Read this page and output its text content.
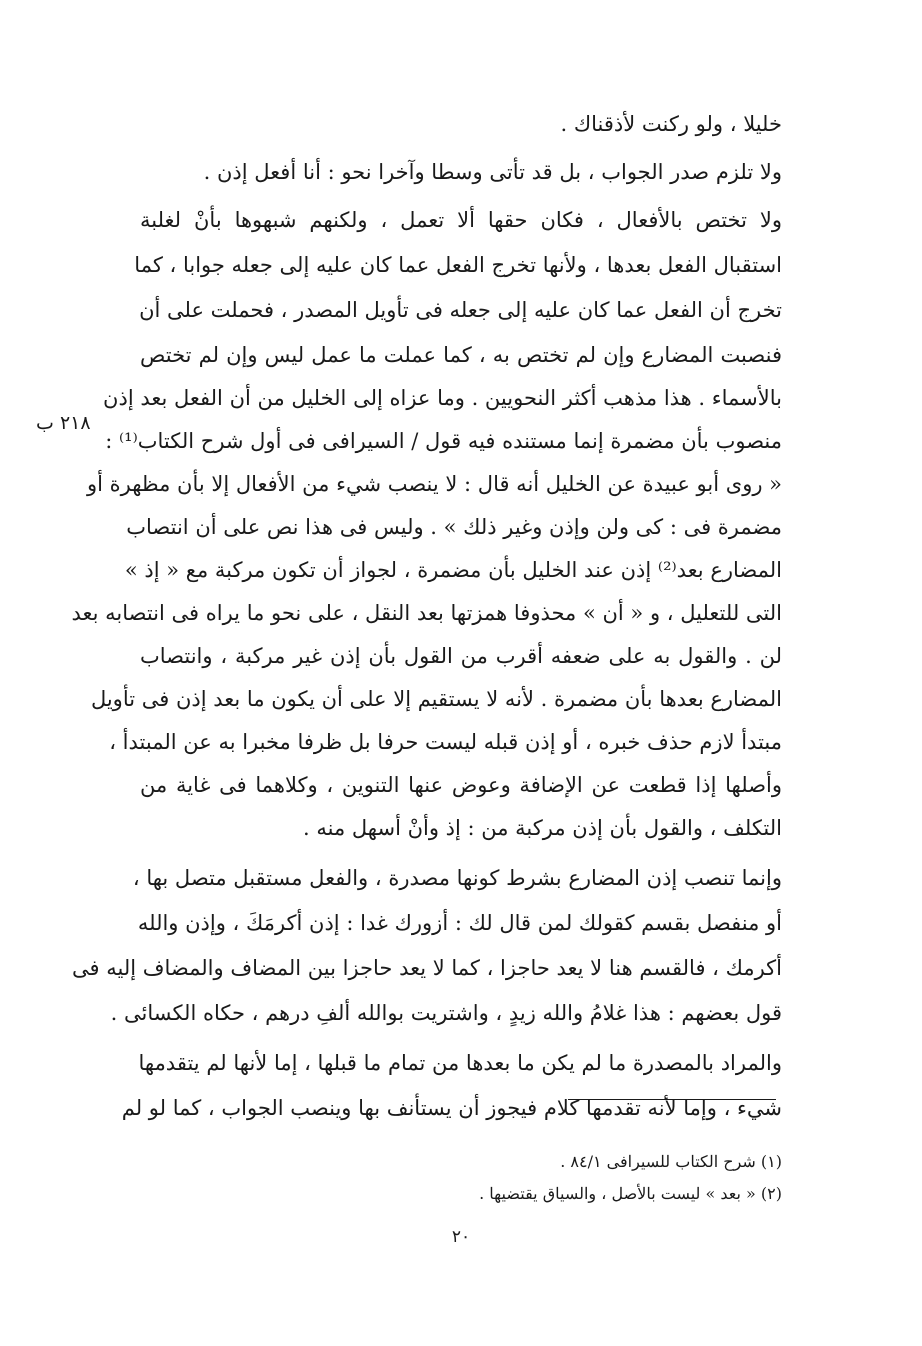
خليلا ، ولو ركنت لأذقناك .
ولا تلزم صدر الجواب ، بل قد تأتى وسطا وآخرا نحو : أنا أفعل إذن .
ولا تختص بالأفعال ، فكان حقها ألا تعمل ، ولكنهم شبهوها بأنْ لغلبة
استقبال الفعل بعدها ، ولأنها تخرج الفعل عما كان عليه إلى جعله جوابا ، كما
تخرج أن الفعل عما كان عليه إلى جعله فى تأويل المصدر ، فحملت على أن
فنصبت المضارع وإن لم تختص به ، كما عملت ما عمل ليس وإن لم تختص
بالأسماء . هذا مذهب أكثر النحويين . وما عزاه إلى الخليل من أن الفعل بعد إذن
منصوب بأن مضمرة إنما مستنده فيه قول / السيرافى فى أول شرح الكتاب⁽¹⁾ :
« روى أبو عبيدة عن الخليل أنه قال : لا ينصب شيء من الأفعال إلا بأن مظهرة أو
مضمرة فى : كى ولن وإذن وغير ذلك » . وليس فى هذا نص على أن انتصاب
المضارع بعد⁽²⁾ إذن عند الخليل بأن مضمرة ، لجواز أن تكون مركبة مع « إذ »
التى للتعليل ، و « أن » محذوفا همزتها بعد النقل ، على نحو ما يراه فى انتصابه بعد
لن . والقول به على ضعفه أقرب من القول بأن إذن غير مركبة ، وانتصاب
المضارع بعدها بأن مضمرة . لأنه لا يستقيم إلا على أن يكون ما بعد إذن فى تأويل
مبتدأ لازم حذف خبره ، أو إذن قبله ليست حرفا بل ظرفا مخبرا به عن المبتدأ ،
وأصلها إذا قطعت عن الإضافة وعوض عنها التنوين ، وكلاهما فى غاية من
التكلف ، والقول بأن إذن مركبة من : إذ وأنْ أسهل منه .
وإنما تنصب إذن المضارع بشرط كونها مصدرة ، والفعل مستقبل متصل بها ،
أو منفصل بقسم كقولك لمن قال لك : أزورك غدا : إذن أكرمَكَ ، وإذن والله
أكرمك ، فالقسم هنا لا يعد حاجزا ، كما لا يعد حاجزا بين المضاف والمضاف إليه فى
قول بعضهم : هذا غلامُ والله زيدٍ ، واشتريت بوالله ألفِ درهم ، حكاه الكسائى .
والمراد بالمصدرة ما لم يكن ما بعدها من تمام ما قبلها ، إما لأنها لم يتقدمها
شيء ، وإما لأنه تقدمها كلام فيجوز أن يستأنف بها وينصب الجواب ، كما لو لم
٢١٨ ب
(١) شرح الكتاب للسيرافى ٨٤/١ .
(٢) « بعد » ليست بالأصل ، والسياق يقتضيها .
٢٠
